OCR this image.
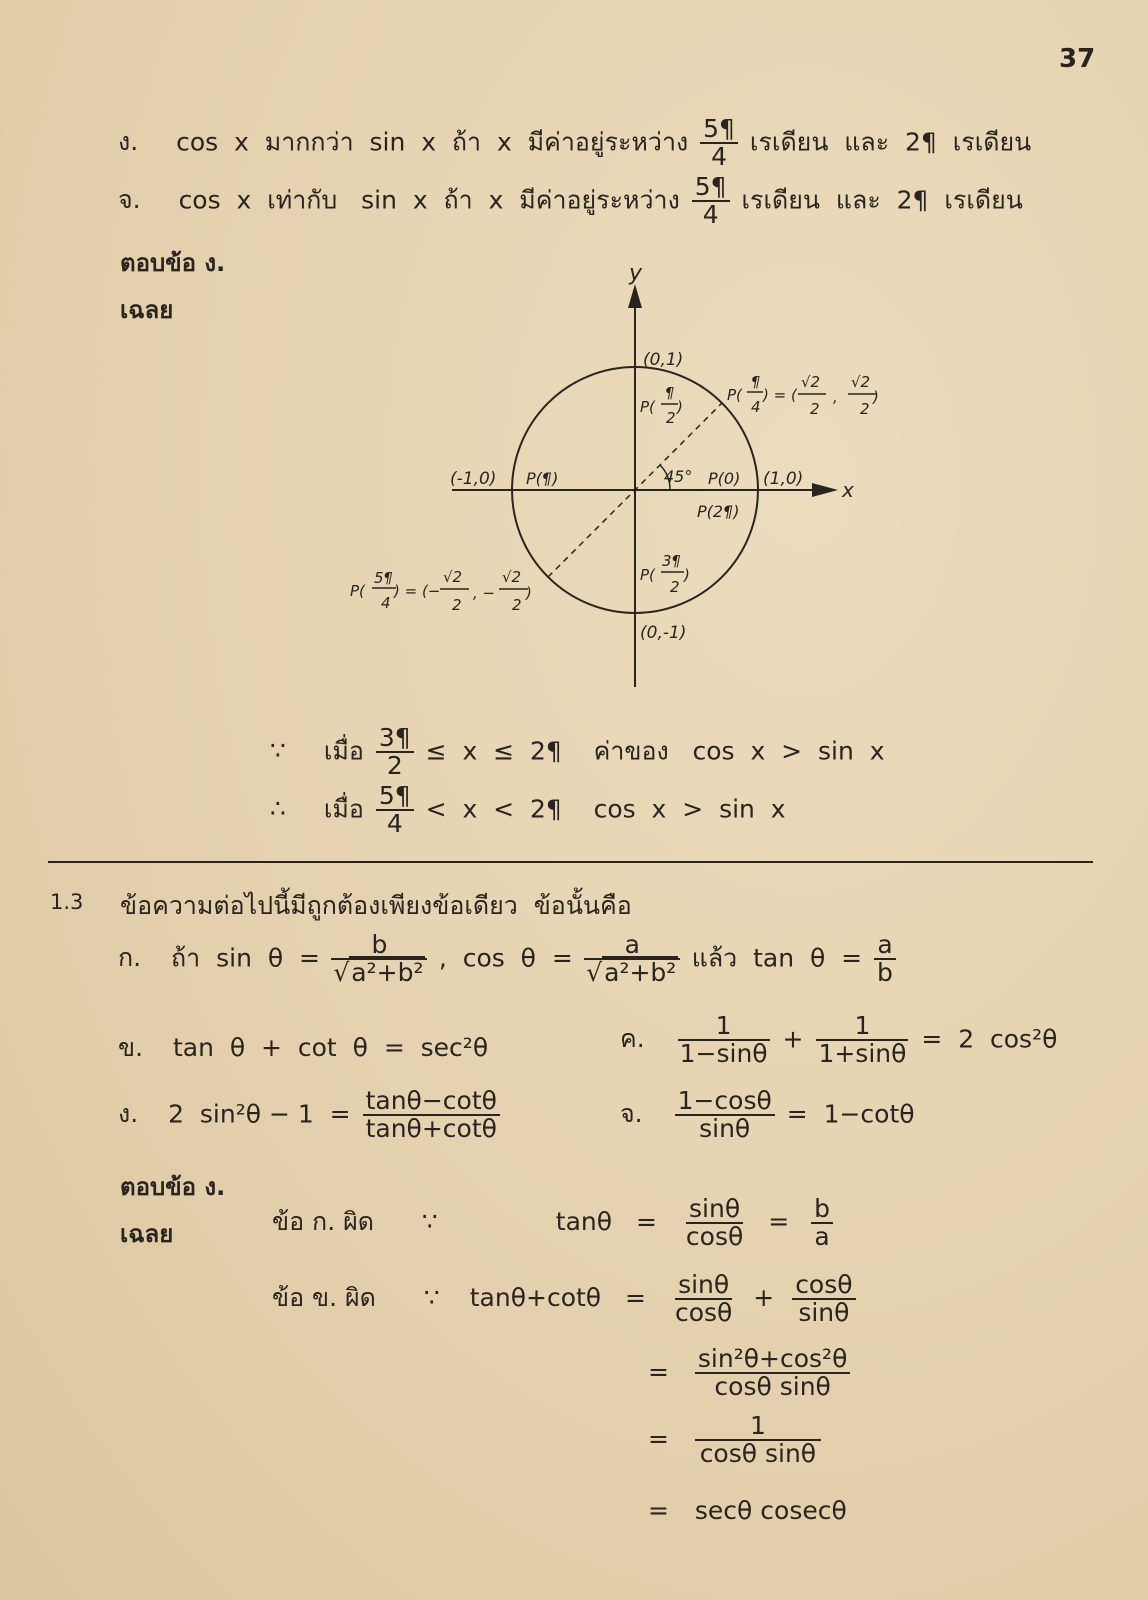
37
ง. cos  x  มากกว่า  sin  x  ถ้า  x  มีค่าอยู่ระหว่าง $\frac{5\P}{4}$ เรเดียน  และ  2¶  เรเดียน
จ. cos  x  เท่ากับ   sin  x  ถ้า  x  มีค่าอยู่ระหว่าง $\frac{5\P}{4}$ เรเดียน  และ  2¶  เรเดียน
ตอบข้อ ง.
เฉลย
y
x
(0,1)
(0,-1)
(-1,0)	(1,0)
P(¶)	P(0)
P(2¶)
45°
P( ¶ 2 )
P( 3¶ 2 )
P( ¶ 4 ) = ( √2 2 , √2 2 )
P( 5¶ 4 ) = (− √2 2 , − √2 2 )
∵ เมื่อ $\frac{3\P}{2} \le x$  ≤  2¶    ค่าของ   cos  x  >  sin  x
∴ เมื่อ $\frac{5\P}{4} < x$  <  2¶    cos  x  >  sin  x
1.3 ข้อความต่อไปนี้มีถูกต้องเพียงข้อเดียว  ข้อนั้นคือ
ก. ถ้า  $\sin \theta = \frac{b}{\text{√a²+b²}}$ ,  $\cos \theta = \frac{a}{\text{√a²+b²}}$ แล้ว  $\tan \theta = \frac{a}{b}$
ข. tan  θ  +  cot  θ  =  sec²θ	ค. $\frac{1}{1-\sin\theta} + \frac{1}{1+\sin\theta} = 2$  cos²θ
ง. 2  $\sin^2\theta - 1 = \frac{\tan\theta-\cot\theta}{\tan\theta+\cot\theta}$	จ. $\frac{1-\cos\theta}{\sin\theta} = 1-\cot\theta$
ตอบข้อ ง.
เฉลย	ข้อ ก. ผิด ∵	$\tan\theta = \frac{\sin\theta}{\cos\theta} = \frac{b}{a}$
ข้อ ข. ผิด ∵ $\tan\theta+\cot\theta = \frac{\sin\theta}{\cos\theta} + \frac{\cos\theta}{\sin\theta}$
= $\frac{\text{sin²θ+cos²θ}}{\text{cosθ sinθ}}$
= $\frac{1}{\text{cosθ sinθ}}$
= secθ cosecθ
